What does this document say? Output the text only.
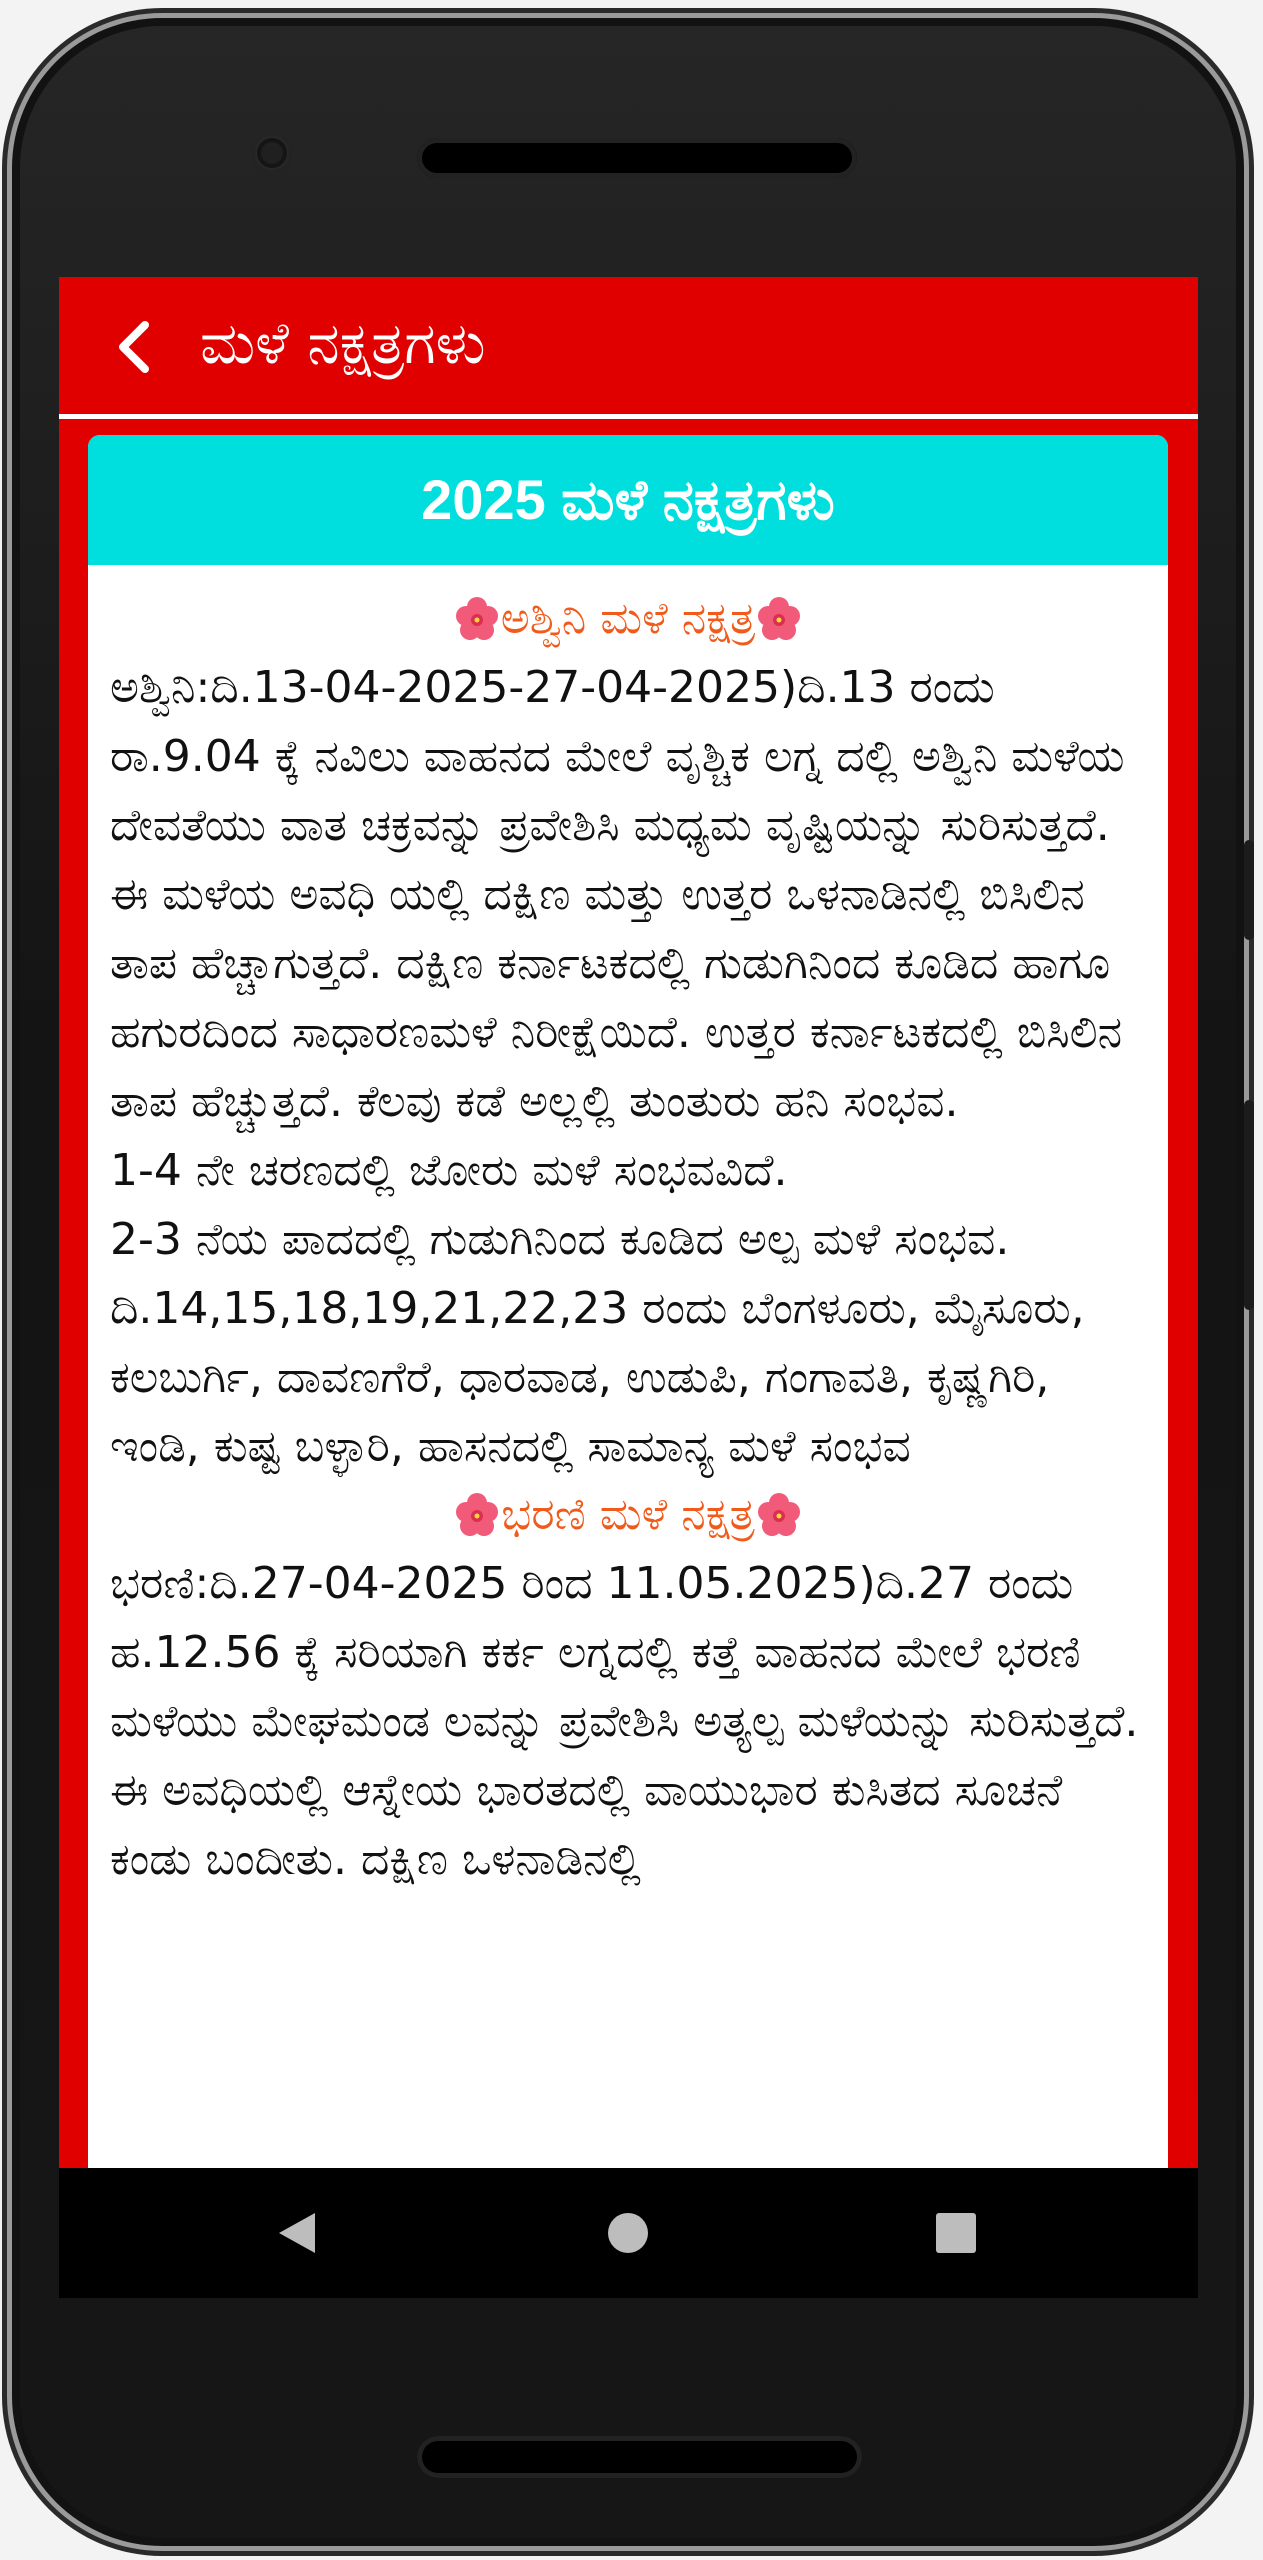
ಮಳೆ ನಕ್ಷತ್ರಗಳು
2025 ಮಳೆ ನಕ್ಷತ್ರಗಳು
ಅಶ್ವಿನಿ ಮಳೆ ನಕ್ಷತ್ರ

ಅಶ್ವಿನಿ:ದಿ.13-04-2025-27-04-2025)ದಿ.13 ರಂದು ರಾ.9.04 ಕ್ಕೆ ನವಿಲು ವಾಹನದ ಮೇಲೆ ವೃಶ್ಚಿಕ ಲಗ್ನ ದಲ್ಲಿ ಅಶ್ವಿನಿ ಮಳೆಯ ದೇವತೆಯು ವಾತ ಚಕ್ರವನ್ನು ಪ್ರವೇಶಿಸಿ ಮಧ್ಯಮ ವೃಷ್ಟಿಯನ್ನು ಸುರಿಸುತ್ತದೆ. ಈ ಮಳೆಯ ಅವಧಿ ಯಲ್ಲಿ ದಕ್ಷಿಣ ಮತ್ತು ಉತ್ತರ ಒಳನಾಡಿನಲ್ಲಿ ಬಿಸಿಲಿನ ತಾಪ ಹೆಚ್ಚಾಗುತ್ತದೆ. ದಕ್ಷಿಣ ಕರ್ನಾಟಕದಲ್ಲಿ ಗುಡುಗಿನಿಂದ ಕೂಡಿದ ಹಾಗೂ ಹಗುರದಿಂದ ಸಾಧಾರಣಮಳೆ ನಿರೀಕ್ಷೆಯಿದೆ. ಉತ್ತರ ಕರ್ನಾಟಕದಲ್ಲಿ ಬಿಸಿಲಿನ ತಾಪ ಹೆಚ್ಚುತ್ತದೆ. ಕೆಲವು ಕಡೆ ಅಲ್ಲಲ್ಲಿ ತುಂತುರು ಹನಿ ಸಂಭವ.
1-4 ನೇ ಚರಣದಲ್ಲಿ ಜೋರು ಮಳೆ ಸಂಭವವಿದೆ.
2-3 ನೆಯ ಪಾದದಲ್ಲಿ ಗುಡುಗಿನಿಂದ ಕೂಡಿದ ಅಲ್ಪ ಮಳೆ ಸಂಭವ. ದಿ.14,15,18,19,21,22,23 ರಂದು ಬೆಂಗಳೂರು, ಮೈಸೂರು, ಕಲಬುರ್ಗಿ, ದಾವಣಗೆರೆ, ಧಾರವಾಡ, ಉಡುಪಿ, ಗಂಗಾವತಿ, ಕೃಷ್ಣಗಿರಿ, ಇಂಡಿ, ಕುಷ್ಟ ಬಳ್ಳಾರಿ, ಹಾಸನದಲ್ಲಿ ಸಾಮಾನ್ಯ ಮಳೆ ಸಂಭವ

ಭರಣಿ ಮಳೆ ನಕ್ಷತ್ರ

ಭರಣಿ:ದಿ.27-04-2025 ರಿಂದ 11.05.2025)ದಿ.27 ರಂದು ಹ.12.56 ಕ್ಕೆ ಸರಿಯಾಗಿ ಕರ್ಕ ಲಗ್ನದಲ್ಲಿ ಕತ್ತೆ ವಾಹನದ ಮೇಲೆ ಭರಣಿ ಮಳೆಯು ಮೇಘಮಂಡ ಲವನ್ನು ಪ್ರವೇಶಿಸಿ ಅತ್ಯಲ್ಪ ಮಳೆಯನ್ನು ಸುರಿಸುತ್ತದೆ. ಈ ಅವಧಿಯಲ್ಲಿ ಆಸ್ನೇಯ ಭಾರತದಲ್ಲಿ ವಾಯುಭಾರ ಕುಸಿತದ ಸೂಚನೆ ಕಂಡು ಬಂದೀತು. ದಕ್ಷಿಣ ಒಳನಾಡಿನಲ್ಲಿ
